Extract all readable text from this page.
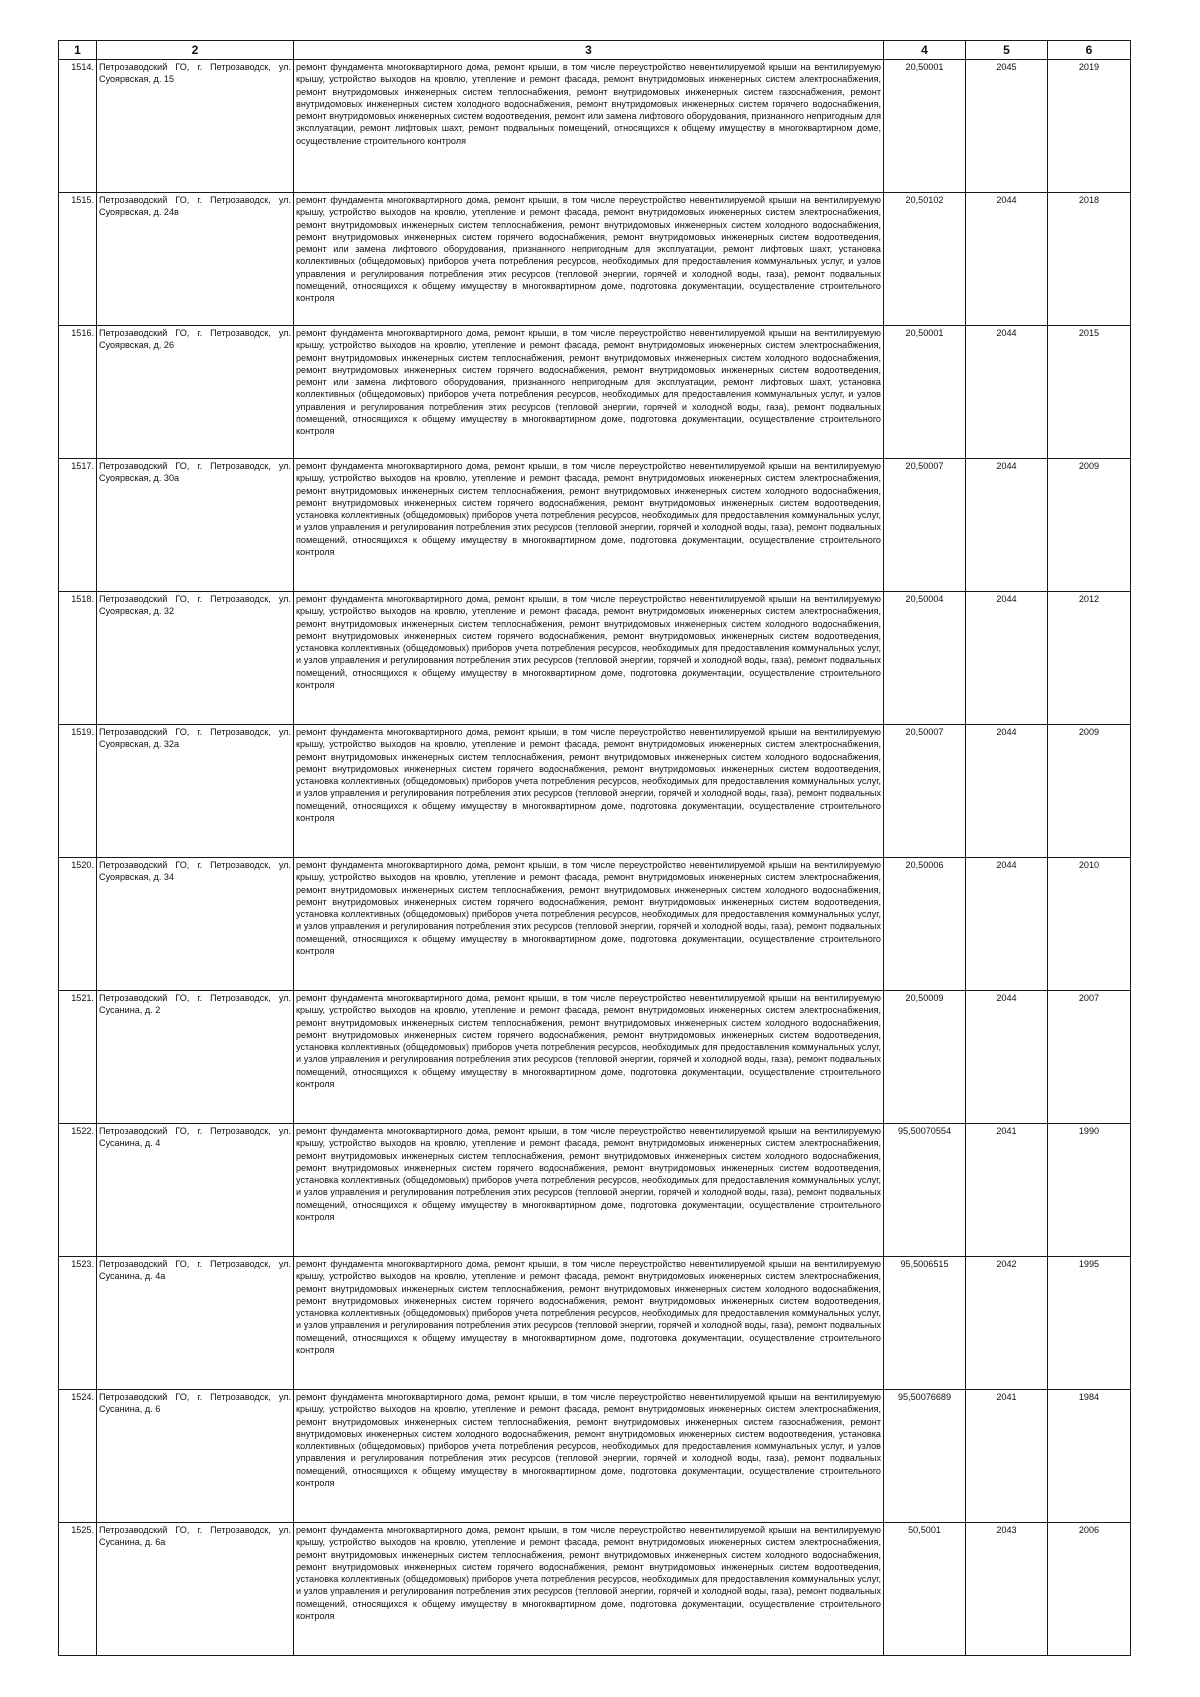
1	2	3	4	5	6
1514.	Петрозаводский ГО, г. Петрозаводск, ул. Суоярвская, д. 15	ремонт фундамента многоквартирного дома, ремонт крыши, в том числе переустройство невентилируемой крыши на вентилируемую крышу, устройство выходов на кровлю, утепление и ремонт фасада, ремонт внутридомовых инженерных систем электроснабжения, ремонт внутридомовых инженерных систем теплоснабжения, ремонт внутридомовых инженерных систем газоснабжения, ремонт внутридомовых инженерных систем холодного водоснабжения, ремонт внутридомовых инженерных систем горячего водоснабжения, ремонт внутридомовых инженерных систем водоотведения, ремонт или замена лифтового оборудования, признанного непригодным для эксплуатации, ремонт лифтовых шахт, ремонт подвальных помещений, относящихся к общему имуществу в многоквартирном доме, осуществление строительного контроля	20,50001	2045	2019
1515.	Петрозаводский ГО, г. Петрозаводск, ул. Суоярвская, д. 24в	ремонт фундамента многоквартирного дома, ремонт крыши, в том числе переустройство невентилируемой крыши на вентилируемую крышу, устройство выходов на кровлю, утепление и ремонт фасада, ремонт внутридомовых инженерных систем электроснабжения, ремонт внутридомовых инженерных систем теплоснабжения, ремонт внутридомовых инженерных систем холодного водоснабжения, ремонт внутридомовых инженерных систем горячего водоснабжения, ремонт внутридомовых инженерных систем водоотведения, ремонт или замена лифтового оборудования, признанного непригодным для эксплуатации, ремонт лифтовых шахт, установка коллективных (общедомовых) приборов учета потребления ресурсов, необходимых для предоставления коммунальных услуг, и узлов управления и регулирования потребления этих ресурсов (тепловой энергии, горячей и холодной воды, газа), ремонт подвальных помещений, относящихся к общему имуществу в многоквартирном доме, подготовка документации, осуществление строительного контроля	20,50102	2044	2018
1516.	Петрозаводский ГО, г. Петрозаводск, ул. Суоярвская, д. 26	ремонт фундамента многоквартирного дома, ремонт крыши, в том числе переустройство невентилируемой крыши на вентилируемую крышу, устройство выходов на кровлю, утепление и ремонт фасада, ремонт внутридомовых инженерных систем электроснабжения, ремонт внутридомовых инженерных систем теплоснабжения, ремонт внутридомовых инженерных систем холодного водоснабжения, ремонт внутридомовых инженерных систем горячего водоснабжения, ремонт внутридомовых инженерных систем водоотведения, ремонт или замена лифтового оборудования, признанного непригодным для эксплуатации, ремонт лифтовых шахт, установка коллективных (общедомовых) приборов учета потребления ресурсов, необходимых для предоставления коммунальных услуг, и узлов управления и регулирования потребления этих ресурсов (тепловой энергии, горячей и холодной воды, газа), ремонт подвальных помещений, относящихся к общему имуществу в многоквартирном доме, подготовка документации, осуществление строительного контроля	20,50001	2044	2015
1517.	Петрозаводский ГО, г. Петрозаводск, ул. Суоярвская, д. 30а	ремонт фундамента многоквартирного дома, ремонт крыши, в том числе переустройство невентилируемой крыши на вентилируемую крышу, устройство выходов на кровлю, утепление и ремонт фасада, ремонт внутридомовых инженерных систем электроснабжения, ремонт внутридомовых инженерных систем теплоснабжения, ремонт внутридомовых инженерных систем холодного водоснабжения, ремонт внутридомовых инженерных систем горячего водоснабжения, ремонт внутридомовых инженерных систем водоотведения, установка коллективных (общедомовых) приборов учета потребления ресурсов, необходимых для предоставления коммунальных услуг, и узлов управления и регулирования потребления этих ресурсов (тепловой энергии, горячей и холодной воды, газа), ремонт подвальных помещений, относящихся к общему имуществу в многоквартирном доме, подготовка документации, осуществление строительного контроля	20,50007	2044	2009
1518.	Петрозаводский ГО, г. Петрозаводск, ул. Суоярвская, д. 32	ремонт фундамента многоквартирного дома, ремонт крыши, в том числе переустройство невентилируемой крыши на вентилируемую крышу, устройство выходов на кровлю, утепление и ремонт фасада, ремонт внутридомовых инженерных систем электроснабжения, ремонт внутридомовых инженерных систем теплоснабжения, ремонт внутридомовых инженерных систем холодного водоснабжения, ремонт внутридомовых инженерных систем горячего водоснабжения, ремонт внутридомовых инженерных систем водоотведения, установка коллективных (общедомовых) приборов учета потребления ресурсов, необходимых для предоставления коммунальных услуг, и узлов управления и регулирования потребления этих ресурсов (тепловой энергии, горячей и холодной воды, газа), ремонт подвальных помещений, относящихся к общему имуществу в многоквартирном доме, подготовка документации, осуществление строительного контроля	20,50004	2044	2012
1519.	Петрозаводский ГО, г. Петрозаводск, ул. Суоярвская, д. 32а	ремонт фундамента многоквартирного дома, ремонт крыши, в том числе переустройство невентилируемой крыши на вентилируемую крышу, устройство выходов на кровлю, утепление и ремонт фасада, ремонт внутридомовых инженерных систем электроснабжения, ремонт внутридомовых инженерных систем теплоснабжения, ремонт внутридомовых инженерных систем холодного водоснабжения, ремонт внутридомовых инженерных систем горячего водоснабжения, ремонт внутридомовых инженерных систем водоотведения, установка коллективных (общедомовых) приборов учета потребления ресурсов, необходимых для предоставления коммунальных услуг, и узлов управления и регулирования потребления этих ресурсов (тепловой энергии, горячей и холодной воды, газа), ремонт подвальных помещений, относящихся к общему имуществу в многоквартирном доме, подготовка документации, осуществление строительного контроля	20,50007	2044	2009
1520.	Петрозаводский ГО, г. Петрозаводск, ул. Суоярвская, д. 34	ремонт фундамента многоквартирного дома, ремонт крыши, в том числе переустройство невентилируемой крыши на вентилируемую крышу, устройство выходов на кровлю, утепление и ремонт фасада, ремонт внутридомовых инженерных систем электроснабжения, ремонт внутридомовых инженерных систем теплоснабжения, ремонт внутридомовых инженерных систем холодного водоснабжения, ремонт внутридомовых инженерных систем горячего водоснабжения, ремонт внутридомовых инженерных систем водоотведения, установка коллективных (общедомовых) приборов учета потребления ресурсов, необходимых для предоставления коммунальных услуг, и узлов управления и регулирования потребления этих ресурсов (тепловой энергии, горячей и холодной воды, газа), ремонт подвальных помещений, относящихся к общему имуществу в многоквартирном доме, подготовка документации, осуществление строительного контроля	20,50006	2044	2010
1521.	Петрозаводский ГО, г. Петрозаводск, ул. Сусанина, д. 2	ремонт фундамента многоквартирного дома, ремонт крыши, в том числе переустройство невентилируемой крыши на вентилируемую крышу, устройство выходов на кровлю, утепление и ремонт фасада, ремонт внутридомовых инженерных систем электроснабжения, ремонт внутридомовых инженерных систем теплоснабжения, ремонт внутридомовых инженерных систем холодного водоснабжения, ремонт внутридомовых инженерных систем горячего водоснабжения, ремонт внутридомовых инженерных систем водоотведения, установка коллективных (общедомовых) приборов учета потребления ресурсов, необходимых для предоставления коммунальных услуг, и узлов управления и регулирования потребления этих ресурсов (тепловой энергии, горячей и холодной воды, газа), ремонт подвальных помещений, относящихся к общему имуществу в многоквартирном доме, подготовка документации, осуществление строительного контроля	20,50009	2044	2007
1522.	Петрозаводский ГО, г. Петрозаводск, ул. Сусанина, д. 4	ремонт фундамента многоквартирного дома, ремонт крыши, в том числе переустройство невентилируемой крыши на вентилируемую крышу, устройство выходов на кровлю, утепление и ремонт фасада, ремонт внутридомовых инженерных систем электроснабжения, ремонт внутридомовых инженерных систем теплоснабжения, ремонт внутридомовых инженерных систем холодного водоснабжения, ремонт внутридомовых инженерных систем горячего водоснабжения, ремонт внутридомовых инженерных систем водоотведения, установка коллективных (общедомовых) приборов учета потребления ресурсов, необходимых для предоставления коммунальных услуг, и узлов управления и регулирования потребления этих ресурсов (тепловой энергии, горячей и холодной воды, газа), ремонт подвальных помещений, относящихся к общему имуществу в многоквартирном доме, подготовка документации, осуществление строительного контроля	95,50070554	2041	1990
1523.	Петрозаводский ГО, г. Петрозаводск, ул. Сусанина, д. 4а	ремонт фундамента многоквартирного дома, ремонт крыши, в том числе переустройство невентилируемой крыши на вентилируемую крышу, устройство выходов на кровлю, утепление и ремонт фасада, ремонт внутридомовых инженерных систем электроснабжения, ремонт внутридомовых инженерных систем теплоснабжения, ремонт внутридомовых инженерных систем холодного водоснабжения, ремонт внутридомовых инженерных систем горячего водоснабжения, ремонт внутридомовых инженерных систем водоотведения, установка коллективных (общедомовых) приборов учета потребления ресурсов, необходимых для предоставления коммунальных услуг, и узлов управления и регулирования потребления этих ресурсов (тепловой энергии, горячей и холодной воды, газа), ремонт подвальных помещений, относящихся к общему имуществу в многоквартирном доме, подготовка документации, осуществление строительного контроля	95,5006515	2042	1995
1524.	Петрозаводский ГО, г. Петрозаводск, ул. Сусанина, д. 6	ремонт фундамента многоквартирного дома, ремонт крыши, в том числе переустройство невентилируемой крыши на вентилируемую крышу, устройство выходов на кровлю, утепление и ремонт фасада, ремонт внутридомовых инженерных систем электроснабжения, ремонт внутридомовых инженерных систем теплоснабжения, ремонт внутридомовых инженерных систем газоснабжения, ремонт внутридомовых инженерных систем холодного водоснабжения, ремонт внутридомовых инженерных систем водоотведения, установка коллективных (общедомовых) приборов учета потребления ресурсов, необходимых для предоставления коммунальных услуг, и узлов управления и регулирования потребления этих ресурсов (тепловой энергии, горячей и холодной воды, газа), ремонт подвальных помещений, относящихся к общему имуществу в многоквартирном доме, подготовка документации, осуществление строительного контроля	95,50076689	2041	1984
1525.	Петрозаводский ГО, г. Петрозаводск, ул. Сусанина, д. 6а	ремонт фундамента многоквартирного дома, ремонт крыши, в том числе переустройство невентилируемой крыши на вентилируемую крышу, устройство выходов на кровлю, утепление и ремонт фасада, ремонт внутридомовых инженерных систем электроснабжения, ремонт внутридомовых инженерных систем теплоснабжения, ремонт внутридомовых инженерных систем холодного водоснабжения, ремонт внутридомовых инженерных систем горячего водоснабжения, ремонт внутридомовых инженерных систем водоотведения, установка коллективных (общедомовых) приборов учета потребления ресурсов, необходимых для предоставления коммунальных услуг, и узлов управления и регулирования потребления этих ресурсов (тепловой энергии, горячей и холодной воды, газа), ремонт подвальных помещений, относящихся к общему имуществу в многоквартирном доме, подготовка документации, осуществление строительного контроля	50,5001	2043	2006
